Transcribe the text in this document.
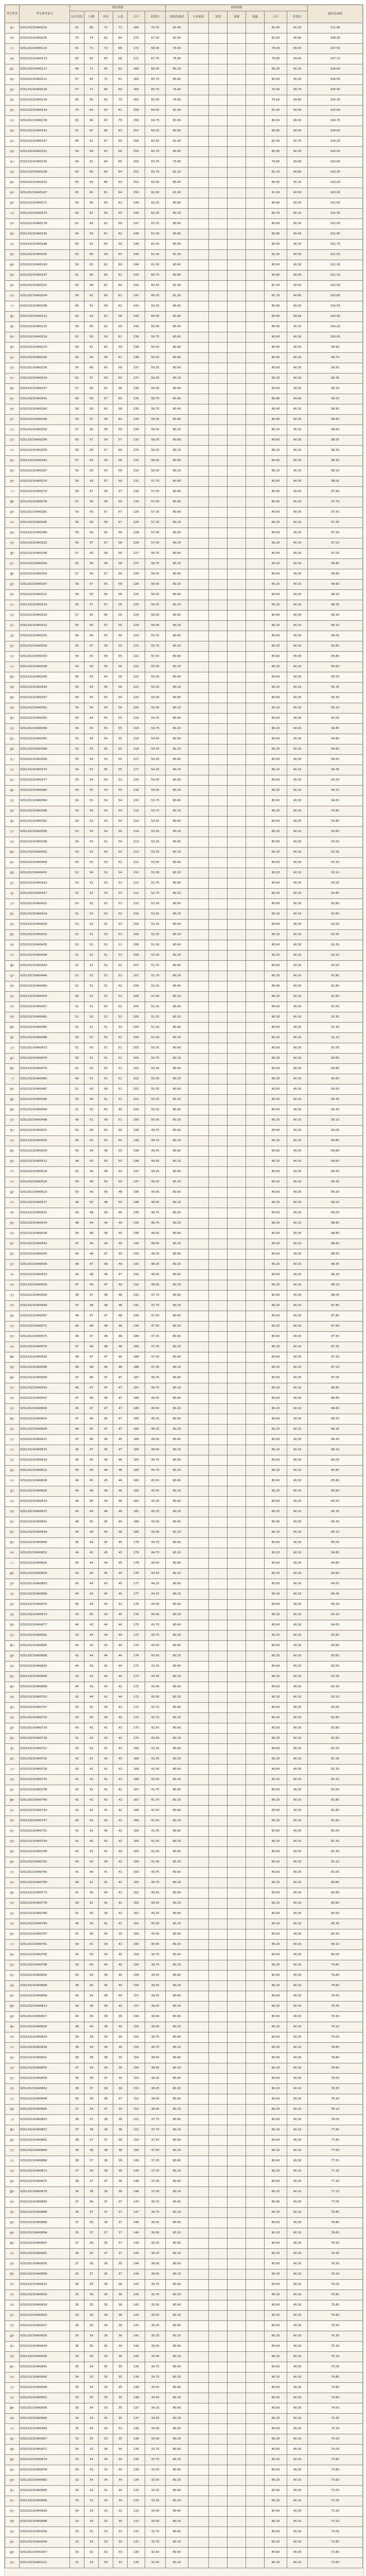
考生姓名	考生准考证号	笔试成绩						面试成绩							最终总成绩
		综合知识	行测	申论	公基	合计	折算后	结构化面试	专业面试	试讲	说课	技能	合计	折算后	
张*	025120210460102	61	80	71	71	283	70.75	82.40					82.40	41.20	111.95
李*	025120210460105	70	74	62	64	270	67.50	81.60					81.60	40.80	108.30
王*	025120210460110	61	71	72	68	272	68.00	79.00					79.00	39.50	107.50
刘*	025120210460113	60	83	60	68	271	67.75	78.80					78.80	39.40	107.15
陈*	025120210460117	68	71	65	62	266	66.50	80.20					80.20	40.10	106.60
杨*	025120210460121	67	64	71	61	263	65.75	80.60					80.60	40.30	106.05
赵*	025120210460126	57	71	66	69	263	65.75	79.40					79.40	39.70	105.45
黄*	025120210460130	65	65	62	70	262	65.50	79.60					79.60	39.80	105.30
周*	025120210460134	70	64	63	61	258	64.50	81.00					81.00	40.50	105.00
吴*	025120210460139	63	66	60	70	259	64.75	80.00					80.00	40.00	104.75
徐*	025120210460142	61	67	66	63	257	64.25	80.80					80.80	40.40	104.65
孙*	025120210460147	66	61	67	60	254	63.50	81.40					81.40	40.70	104.20
胡*	025120210460151	59	69	61	66	255	63.75	80.60					80.60	40.30	104.05
朱*	025120210460155	64	62	64	65	255	63.75	79.80					79.80	39.90	103.65
高*	025120210460158	62	65	60	64	251	62.75	81.20					81.20	40.60	103.35
林*	025120210460162	60	63	66	63	252	63.00	80.40					80.40	40.20	103.20
何*	025120210460167	65	60	61	64	250	62.50	81.00					81.00	40.50	103.00
郭*	025120210460171	58	66	63	62	249	62.25	80.80					80.80	40.40	102.65
马*	025120210460175	63	61	60	65	249	62.25	80.20					80.20	40.10	102.35
罗*	025120210460178	61	64	62	60	247	61.75	80.60					80.60	40.30	102.05
梁*	025120210460182	64	59	61	62	246	61.50	80.80					80.80	40.40	101.90
宋*	025120210460186	60	62	65	59	246	61.50	80.40					80.40	40.20	101.70
郑*	025120210460190	62	60	59	63	244	61.00	81.00					81.00	40.50	101.50
谢*	025120210460193	59	63	62	60	244	61.00	80.60					80.60	40.30	101.30
韩*	025120210460197	61	60	60	62	243	60.75	80.80					80.80	40.40	101.15
唐*	025120210460201	63	58	61	60	242	60.50	81.00					81.00	40.50	101.00
冯*	025120210460204	58	62	60	61	241	60.25	81.20					81.20	40.60	100.85
于*	025120210460208	60	61	58	62	241	60.25	80.60					80.60	40.30	100.55
董*	025120210460212	62	59	61	58	240	60.00	80.80					80.80	40.40	100.40
萧*	025120210460215	59	60	62	59	240	60.00	80.40					80.40	40.20	100.20
程*	025120210460219	61	58	59	61	239	59.75	80.60					80.60	40.30	100.05
曹*	025120210460223	58	61	60	59	238	59.50	80.80					80.80	40.40	99.90
袁*	025120210460226	60	59	58	61	238	59.50	80.40					80.40	40.20	99.70
邓*	025120210460230	59	60	60	58	237	59.25	80.60					80.60	40.30	99.55
许*	025120210460234	61	57	59	60	237	59.25	80.20					80.20	40.10	99.35
傅*	025120210460237	57	60	61	58	236	59.00	80.60					80.60	40.30	99.30
沈*	025120210460241	60	58	57	60	235	58.75	80.80					80.80	40.40	99.15
曾*	025120210460245	58	59	60	58	235	58.75	80.40					80.40	40.20	98.95
彭*	025120210460248	59	57	58	60	234	58.50	80.60					80.60	40.30	98.80
吕*	025120210460252	57	60	58	59	234	58.50	80.20					80.20	40.10	98.60
苏*	025120210460256	60	57	59	57	233	58.25	80.60					80.60	40.30	98.55
卢*	025120210460259	58	58	57	60	233	58.25	80.20					80.20	40.10	98.35
蒋*	025120210460263	57	59	58	58	232	58.00	80.60					80.60	40.30	98.30
蔡*	025120210460267	59	56	59	58	232	58.00	80.20					80.20	40.10	98.10
贾*	025120210460270	56	59	57	59	231	57.75	80.60					80.60	40.30	98.05
丁*	025120210460274	58	57	58	57	230	57.50	80.80					80.80	40.40	97.90
魏*	025120210460278	57	58	56	59	230	57.50	80.40					80.40	40.20	97.70
薛*	025120210460281	59	56	57	57	229	57.25	80.60					80.60	40.30	97.55
叶*	025120210460285	56	58	58	57	229	57.25	80.20					80.20	40.10	97.35
阎*	025120210460289	58	56	56	58	228	57.00	80.60					80.60	40.30	97.30
余*	025120210460292	56	57	57	58	228	57.00	80.20					80.20	40.10	97.10
潘*	025120210460296	57	56	58	56	227	56.75	80.60					80.60	40.30	97.05
杜*	025120210460300	55	58	56	58	227	56.75	80.20					80.20	40.10	96.85
戴*	025120210460303	57	56	57	56	226	56.50	80.60					80.60	40.30	96.80
夏*	025120210460307	56	57	55	58	226	56.50	80.20					80.20	40.10	96.60
钟*	025120210460311	58	55	56	56	225	56.25	80.60					80.60	40.30	96.55
汪*	025120210460314	55	57	57	56	225	56.25	80.20					80.20	40.10	96.35
田*	025120210460318	57	55	56	56	224	56.00	80.60					80.60	40.30	96.30
任*	025120210460322	55	56	57	56	224	56.00	80.20					80.20	40.10	96.10
姜*	025120210460325	56	56	55	56	223	55.75	80.60					80.60	40.30	96.05
范*	025120210460329	55	57	56	55	223	55.75	80.20					80.20	40.10	95.85
方*	025120210460333	56	55	56	55	222	55.50	80.60					80.60	40.30	95.80
石*	025120210460336	54	56	56	56	222	55.50	80.20					80.20	40.10	95.60
姚*	025120210460340	56	55	54	56	221	55.25	80.60					80.60	40.30	95.55
谭*	025120210460344	55	54	56	56	221	55.25	80.20					80.20	40.10	95.35
廖*	025120210460347	56	55	55	54	220	55.00	80.60					80.60	40.30	95.30
邹*	025120210460351	54	56	54	56	220	55.00	80.20					80.20	40.10	95.10
熊*	025120210460355	55	54	55	55	219	54.75	80.60					80.60	40.30	95.05
金*	025120210460358	54	55	55	55	219	54.75	80.20					80.20	40.10	94.85
陆*	025120210460362	55	54	54	55	218	54.50	80.60					80.60	40.30	94.80
郝*	025120210460366	53	55	55	55	218	54.50	80.20					80.20	40.10	94.60
孔*	025120210460369	55	54	53	55	217	54.25	80.60					80.60	40.30	94.55
白*	025120210460373	54	53	55	55	217	54.25	80.20					80.20	40.10	94.35
崔*	025120210460377	55	54	54	53	216	54.00	80.60					80.60	40.30	94.30
康*	025120210460380	53	55	53	55	216	54.00	80.20					80.20	40.10	94.10
毛*	025120210460384	54	53	54	54	215	53.75	80.60					80.60	40.30	94.05
邱*	025120210460388	53	54	54	54	215	53.75	80.20					80.20	40.10	93.85
秦*	025120210460391	54	53	53	54	214	53.50	80.60					80.60	40.30	93.80
江*	025120210460395	52	54	54	54	214	53.50	80.20					80.20	40.10	93.60
史*	025120210460399	54	53	52	54	213	53.25	80.60					80.60	40.30	93.55
顾*	025120210460402	53	52	54	54	213	53.25	80.20					80.20	40.10	93.35
侯*	025120210460406	54	53	53	52	212	53.00	80.60					80.60	40.30	93.30
邵*	025120210460410	52	54	52	54	212	53.00	80.20					80.20	40.10	93.10
孟*	025120210460413	53	52	53	53	211	52.75	80.60					80.60	40.30	93.05
龙*	025120210460417	52	53	53	53	211	52.75	80.20					80.20	40.10	92.85
万*	025120210460421	53	52	52	53	210	52.50	80.60					80.60	40.30	92.80
段*	025120210460424	51	53	53	53	210	52.50	80.20					80.20	40.10	92.60
雷*	025120210460428	53	52	51	53	209	52.25	80.60					80.60	40.30	92.55
钱*	025120210460432	52	51	53	53	209	52.25	80.20					80.20	40.10	92.35
汤*	025120210460435	53	52	52	51	208	52.00	80.60					80.60	40.30	92.30
尹*	025120210460439	51	53	51	53	208	52.00	80.20					80.20	40.10	92.10
黎*	025120210460443	52	51	52	52	207	51.75	80.60					80.60	40.30	92.05
易*	025120210460446	51	52	52	52	207	51.75	80.20					80.20	40.10	91.85
常*	025120210460450	52	51	51	52	206	51.50	80.60					80.60	40.30	91.80
武*	025120210460454	50	52	52	52	206	51.50	80.20					80.20	40.10	91.60
乔*	025120210460457	52	51	50	52	205	51.25	80.60					80.60	40.30	91.55
贺*	025120210460461	51	50	52	52	205	51.25	80.20					80.20	40.10	91.35
赖*	025120210460465	52	51	51	50	204	51.00	80.60					80.60	40.30	91.30
龚*	025120210460468	50	52	50	52	204	51.00	80.20					80.20	40.10	91.10
文*	025120210460472	51	50	51	51	203	50.75	80.60					80.60	40.30	91.05
庞*	025120210460476	50	51	51	51	203	50.75	80.20					80.20	40.10	90.85
樊*	025120210460479	51	50	50	51	202	50.50	80.60					80.60	40.30	90.80
兰*	025120210460483	49	51	51	51	202	50.50	80.20					80.20	40.10	90.60
殷*	025120210460487	51	50	49	51	201	50.25	80.60					80.60	40.30	90.55
施*	025120210460490	50	49	51	51	201	50.25	80.20					80.20	40.10	90.35
陶*	025120210460494	51	50	50	49	200	50.00	80.60					80.60	40.30	90.30
洪*	025120210460498	49	51	49	51	200	50.00	80.20					80.20	40.10	90.10
翟*	025120210460501	50	49	50	50	199	49.75	80.60					80.60	40.30	90.05
安*	025120210460505	49	50	50	50	199	49.75	80.20					80.20	40.10	89.85
颜*	025120210460509	50	49	49	50	198	49.50	80.60					80.60	40.30	89.80
倪*	025120210460512	48	50	50	50	198	49.50	80.20					80.20	40.10	89.60
严*	025120210460516	50	49	48	50	197	49.25	80.60					80.60	40.30	89.55
牛*	025120210460520	49	48	50	50	197	49.25	80.20					80.20	40.10	89.35
温*	025120210460523	50	49	49	48	196	49.00	80.60					80.60	40.30	89.30
芦*	025120210460527	48	50	48	50	196	49.00	80.20					80.20	40.10	89.10
季*	025120210460531	49	48	49	49	195	48.75	80.60					80.60	40.30	89.05
俞*	025120210460534	48	49	49	49	195	48.75	80.20					80.20	40.10	88.85
章*	025120210460538	49	48	48	49	194	48.50	80.60					80.60	40.30	88.80
鲁*	025120210460542	47	49	49	49	194	48.50	80.20					80.20	40.10	88.60
葛*	025120210460545	49	48	47	49	193	48.25	80.60					80.60	40.30	88.55
伍*	025120210460549	48	47	49	49	193	48.25	80.20					80.20	40.10	88.35
韦*	025120210460553	49	48	48	47	192	48.00	80.60					80.60	40.30	88.30
申*	025120210460556	47	49	47	49	192	48.00	80.20					80.20	40.10	88.10
尤*	025120210460560	48	47	48	48	191	47.75	80.60					80.60	40.30	88.05
毕*	025120210460564	47	48	48	48	191	47.75	80.20					80.20	40.10	87.85
聂*	025120210460567	48	47	47	48	190	47.50	80.60					80.60	40.30	87.80
丛*	025120210460571	46	48	48	48	190	47.50	80.20					80.20	40.10	87.60
焦*	025120210460575	48	47	46	48	189	47.25	80.60					80.60	40.30	87.55
向*	025120210460578	47	46	48	48	189	47.25	80.20					80.20	40.10	87.35
柳*	025120210460582	48	47	47	46	188	47.00	80.60					80.60	40.30	87.30
邢*	025120210460586	46	48	46	48	188	47.00	80.20					80.20	40.10	87.10
路*	025120210460589	47	46	47	47	187	46.75	80.60					80.60	40.30	87.05
岳*	025120210460593	46	47	47	47	187	46.75	80.20					80.20	40.10	86.85
齐*	025120210460597	47	46	46	47	186	46.50	80.60					80.60	40.30	86.80
沿*	025120210460600	45	47	47	47	186	46.50	80.20					80.20	40.10	86.60
梅*	025120210460604	47	46	45	47	185	46.25	80.60					80.60	40.30	86.55
莫*	025120210460608	46	45	47	47	185	46.25	80.20					80.20	40.10	86.35
庄*	025120210460611	47	46	46	45	184	46.00	80.60					80.60	40.30	86.30
辛*	025120210460615	45	47	45	47	184	46.00	80.20					80.20	40.10	86.10
管*	025120210460619	46	45	46	46	183	45.75	80.60					80.60	40.30	86.05
祝*	025120210460622	45	46	46	46	183	45.75	80.20					80.20	40.10	85.85
左*	025120210460626	46	45	45	46	182	45.50	80.60					80.60	40.30	85.80
涂*	025120210460630	44	46	46	46	182	45.50	80.20					80.20	40.10	85.60
谷*	025120210460633	46	45	44	46	181	45.25	80.60					80.60	40.30	85.55
祁*	025120210460637	45	44	46	46	181	45.25	80.20					80.20	40.10	85.35
时*	025120210460641	46	45	45	44	180	45.00	80.60					80.60	40.30	85.30
舒*	025120210460644	44	46	44	46	180	45.00	80.20					80.20	40.10	85.10
耿*	025120210460648	45	44	45	45	179	44.75	80.60					80.60	40.30	85.05
牟*	025120210460652	44	45	45	45	179	44.75	80.20					80.20	40.10	84.85
卜*	025120210460655	45	44	44	45	178	44.50	80.60					80.60	40.30	84.80
路*	025120210460659	43	45	45	45	178	44.50	80.20					80.20	40.10	84.60
詹*	025120210460663	45	44	43	45	177	44.25	80.60					80.60	40.30	84.55
关*	025120210460666	44	43	45	45	177	44.25	80.20					80.20	40.10	84.35
苗*	025120210460670	45	44	44	43	176	44.00	80.60					80.60	40.30	84.30
凌*	025120210460674	43	45	43	45	176	44.00	80.20					80.20	40.10	84.10
费*	025120210460677	44	43	44	44	175	43.75	80.60					80.60	40.30	84.05
纪*	025120210460681	43	44	44	44	175	43.75	80.20					80.20	40.10	83.85
靳*	025120210460685	44	43	43	44	174	43.50	80.60					80.60	40.30	83.80
盛*	025120210460688	42	44	44	44	174	43.50	80.20					80.20	40.10	83.60
童*	025120210460692	44	43	42	44	173	43.25	80.60					80.60	40.30	83.55
欧*	025120210460696	43	42	44	44	173	43.25	80.20					80.20	40.10	83.35
甄*	025120210460699	44	43	43	42	172	43.00	80.60					80.60	40.30	83.30
项*	025120210460703	42	44	42	44	172	43.00	80.20					80.20	40.10	83.10
曲*	025120210460707	43	42	43	43	171	42.75	80.60					80.60	40.30	83.05
成*	025120210460710	42	43	43	43	171	42.75	80.20					80.20	40.10	82.85
游*	025120210460714	43	42	42	43	170	42.50	80.60					80.60	40.30	82.80
阳*	025120210460718	41	43	43	43	170	42.50	80.20					80.20	40.10	82.60
裴*	025120210460721	43	42	41	43	169	42.25	80.60					80.60	40.30	82.55
席*	025120210460725	42	41	43	43	169	42.25	80.20					80.20	40.10	82.35
卫*	025120210460729	43	42	42	41	168	42.00	80.60					80.60	40.30	82.30
查*	025120210460732	41	43	41	43	168	42.00	80.20					80.20	40.10	82.10
屈*	025120210460736	42	41	42	42	167	41.75	80.60					80.60	40.30	82.05
鲍*	025120210460740	41	42	42	42	167	41.75	80.20					80.20	40.10	81.85
位*	025120210460743	42	41	41	42	166	41.50	80.60					80.60	40.30	81.80
覃*	025120210460747	40	42	42	42	166	41.50	80.20					80.20	40.10	81.60
霍*	025120210460751	42	41	40	42	165	41.25	80.60					80.60	40.30	81.55
翁*	025120210460754	41	40	42	42	165	41.25	80.20					80.20	40.10	81.35
隋*	025120210460758	42	41	41	40	164	41.00	80.60					80.60	40.30	81.30
植*	025120210460762	40	42	40	42	164	41.00	80.20					80.20	40.10	81.10
甘*	025120210460765	41	40	41	41	163	40.75	80.60					80.60	40.30	81.05
景*	025120210460769	40	41	41	41	163	40.75	80.20					80.20	40.10	80.85
薄*	025120210460773	41	40	40	41	162	40.50	80.60					80.60	40.30	80.80
单*	025120210460776	39	41	41	41	162	40.50	80.20					80.20	40.10	80.60
包*	025120210460780	41	40	39	41	161	40.25	80.60					80.60	40.30	80.55
司*	025120210460784	40	39	41	41	161	40.25	80.20					80.20	40.10	80.35
柏*	025120210460787	41	40	40	39	160	40.00	80.60					80.60	40.30	80.30
宁*	025120210460791	39	41	39	41	160	40.00	80.20					80.20	40.10	80.10
柯*	025120210460795	40	39	40	40	159	39.75	80.60					80.60	40.30	80.05
阮*	025120210460798	39	40	40	40	159	39.75	80.20					80.20	40.10	79.85
桂*	025120210460802	40	39	39	40	158	39.50	80.60					80.60	40.30	79.80
闵*	025120210460806	38	40	40	40	158	39.50	80.20					80.20	40.10	79.60
欧*	025120210460809	40	39	38	40	157	39.25	80.60					80.60	40.30	79.55
解*	025120210460813	39	38	40	40	157	39.25	80.20					80.20	40.10	79.35
强*	025120210460817	40	39	39	38	156	39.00	80.60					80.60	40.30	79.30
柴*	025120210460820	38	40	38	40	156	39.00	80.20					80.20	40.10	79.10
华*	025120210460824	39	38	39	39	155	38.75	80.60					80.60	40.30	79.05
车*	025120210460828	38	39	39	39	155	38.75	80.20					80.20	40.10	78.85
冉*	025120210460831	39	38	38	39	154	38.50	80.60					80.60	40.30	78.80
房*	025120210460835	37	39	39	39	154	38.50	80.20					80.20	40.10	78.60
边*	025120210460839	39	38	37	39	153	38.25	80.60					80.60	40.30	78.55
辜*	025120210460842	38	37	39	39	153	38.25	80.20					80.20	40.10	78.35
吉*	025120210460846	39	38	38	37	152	38.00	80.60					80.60	40.30	78.30
饶*	025120210460850	37	39	37	39	152	38.00	80.20					80.20	40.10	78.10
刁*	025120210460853	38	37	38	38	151	37.75	80.60					80.60	40.30	78.05
瞿*	025120210460857	37	38	38	38	151	37.75	80.20					80.20	40.10	77.85
戚*	025120210460861	38	37	37	38	150	37.50	80.60					80.60	40.30	77.80
丘*	025120210460864	36	38	38	38	150	37.50	80.20					80.20	40.10	77.60
古*	025120210460868	38	37	36	38	149	37.25	80.60					80.60	40.30	77.55
米*	025120210460872	37	36	38	38	149	37.25	80.20					80.20	40.10	77.35
池*	025120210460875	38	37	37	36	148	37.00	80.60					80.60	40.30	77.30
滕*	025120210460879	36	38	36	38	148	37.00	80.20					80.20	40.10	77.10
晋*	025120210460883	37	36	37	37	147	36.75	80.60					80.60	40.30	77.05
苑*	025120210460886	36	37	37	37	147	36.75	80.20					80.20	40.10	76.85
邬*	025120210460890	37	36	36	37	146	36.50	80.60					80.60	40.30	76.80
臧*	025120210460894	35	37	37	37	146	36.50	80.20					80.20	40.10	76.60
畅*	025120210460897	37	36	35	37	145	36.25	80.60					80.60	40.30	76.55
宫*	025120210460901	36	35	37	37	145	36.25	80.20					80.20	40.10	76.35
来*	025120210460905	37	36	36	35	144	36.00	80.60					80.60	40.30	76.30
缪*	025120210460908	35	37	35	37	144	36.00	80.20					80.20	40.10	76.10
苟*	025120210460912	36	35	36	36	143	35.75	80.60					80.60	40.30	76.05
全*	025120210460916	35	36	36	36	143	35.75	80.20					80.20	40.10	75.85
冷*	025120210460919	36	35	35	36	142	35.50	80.60					80.60	40.30	75.80
於*	025120210460923	34	36	36	36	142	35.50	80.20					80.20	40.10	75.60
邝*	025120210460927	36	35	34	36	141	35.25	80.60					80.60	40.30	75.55
蒲*	025120210460930	35	34	36	36	141	35.25	80.20					80.20	40.10	75.35
茅*	025120210460934	36	35	35	34	140	35.00	80.60					80.60	40.30	75.30
荣*	025120210460938	34	36	34	36	140	35.00	80.20					80.20	40.10	75.10
姬*	025120210460941	35	34	35	35	139	34.75	80.60					80.60	40.30	75.05
步*	025120210460945	34	35	35	35	139	34.75	80.20					80.20	40.10	74.85
艾*	025120210460949	35	34	34	35	138	34.50	80.60					80.60	40.30	74.80
东*	025120210460952	33	35	35	35	138	34.50	80.20					80.20	40.10	74.60
鞠*	025120210460956	35	34	33	35	137	34.25	80.60					80.60	40.30	74.55
须*	025120210460960	34	33	35	35	137	34.25	80.20					80.20	40.10	74.35
丰*	025120210460963	35	34	34	33	136	34.00	80.60					80.60	40.30	74.30
巢*	025120210460967	33	35	33	35	136	34.00	80.20					80.20	40.10	74.10
满*	025120210460971	34	33	34	34	135	33.75	80.60					80.60	40.30	74.05
郁*	025120210460974	33	34	34	34	135	33.75	80.20					80.20	40.10	73.85
祖*	025120210460978	34	33	33	34	134	33.50	80.60					80.60	40.30	73.80
那*	025120210460982	32	34	34	34	134	33.50	80.20					80.20	40.10	73.60
蓝*	025120210460985	34	33	32	34	133	33.25	80.60					80.60	40.30	73.55
怀*	025120210460989	33	32	34	34	133	33.25	80.20					80.20	40.10	73.35
权*	025120210460993	34	33	33	32	132	33.00	80.60					80.60	40.30	73.30
利*	025120210460996	32	34	32	34	132	33.00	80.20					80.20	40.10	73.10
富*	025120210461000	33	32	33	33	131	32.75	80.60					80.60	40.30	73.05
蔚*	025120210461004	32	33	33	33	131	32.75	80.20					80.20	40.10	72.85
喻*	025120210461007	33	32	32	33	130	32.50	80.60					80.60	40.30	72.80
谈*	025120210461011	31	33	33	33	130	32.50	80.20					80.20	40.10	72.60
